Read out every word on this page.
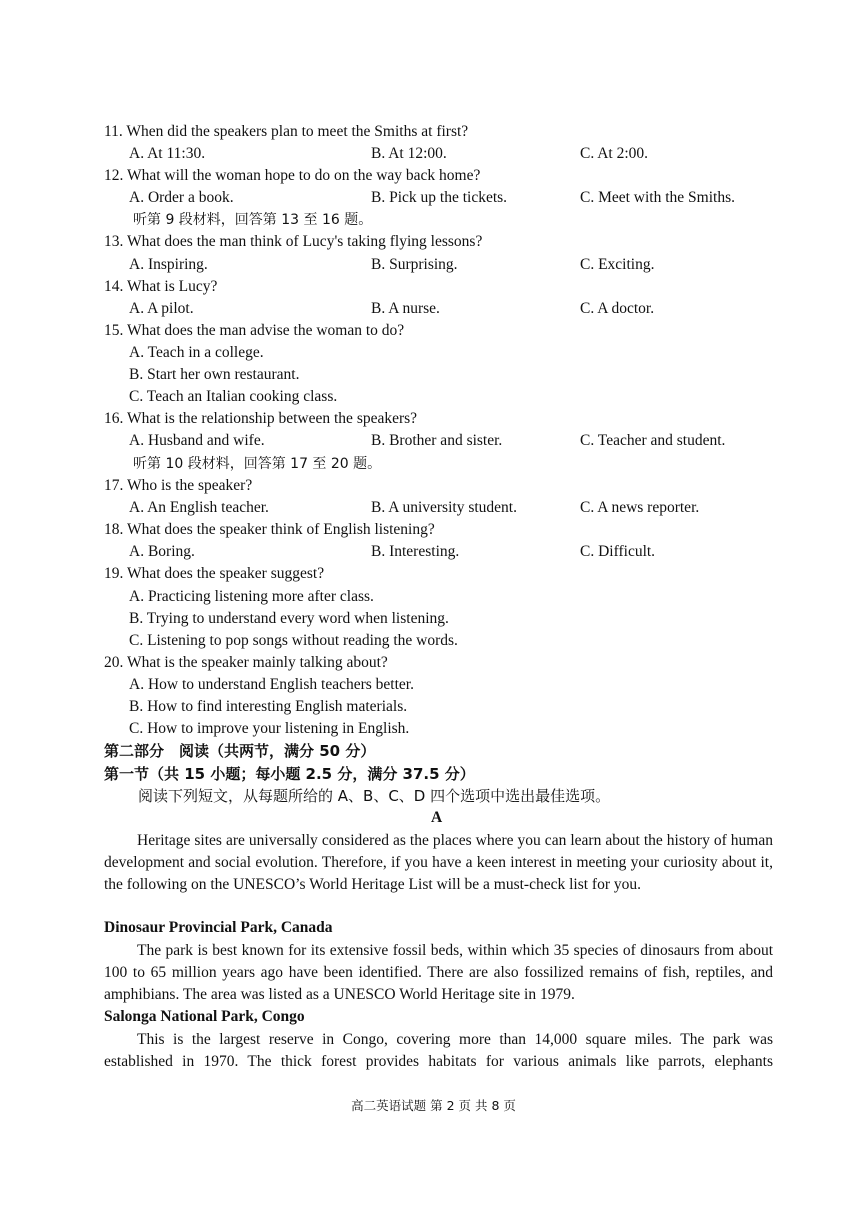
11. When did the speakers plan to meet the Smiths at first?
A. At 11:30.	B. At 12:00.	C. At 2:00.
12. What will the woman hope to do on the way back home?
A. Order a book.	B. Pick up the tickets.	C. Meet with the Smiths.
听第 9 段材料，回答第 13 至 16 题。
13. What does the man think of Lucy's taking flying lessons?
A. Inspiring.	B. Surprising.	C. Exciting.
14. What is Lucy?
A. A pilot.	B. A nurse.	C. A doctor.
15. What does the man advise the woman to do?
A. Teach in a college.
B. Start her own restaurant.
C. Teach an Italian cooking class.
16. What is the relationship between the speakers?
A. Husband and wife.	B. Brother and sister.	C. Teacher and student.
听第 10 段材料，回答第 17 至 20 题。
17. Who is the speaker?
A. An English teacher.	B. A university student.	C. A news reporter.
18. What does the speaker think of English listening?
A. Boring.	B. Interesting.	C. Difficult.
19. What does the speaker suggest?
A. Practicing listening more after class.
B. Trying to understand every word when listening.
C. Listening to pop songs without reading the words.
20. What is the speaker mainly talking about?
A. How to understand English teachers better.
B. How to find interesting English materials.
C. How to improve your listening in English.
第二部分　阅读（共两节，满分 50 分）
第一节（共 15 小题；每小题 2.5 分，满分 37.5 分）
阅读下列短文，从每题所给的 A、B、C、D 四个选项中选出最佳选项。
A
Heritage sites are universally considered as the places where you can learn about the history of human development and social evolution. Therefore, if you have a keen interest in meeting your curiosity about it, the following on the UNESCO’s World Heritage List will be a must-check list for you.
Dinosaur Provincial Park, Canada
The park is best known for its extensive fossil beds, within which 35 species of dinosaurs from about 100 to 65 million years ago have been identified. There are also fossilized remains of fish, reptiles, and amphibians. The area was listed as a UNESCO World Heritage site in 1979.
Salonga National Park, Congo
This is the largest reserve in Congo, covering more than 14,000 square miles. The park was established in 1970. The thick forest provides habitats for various animals like parrots, elephants
高二英语试题 第 2 页 共 8 页
